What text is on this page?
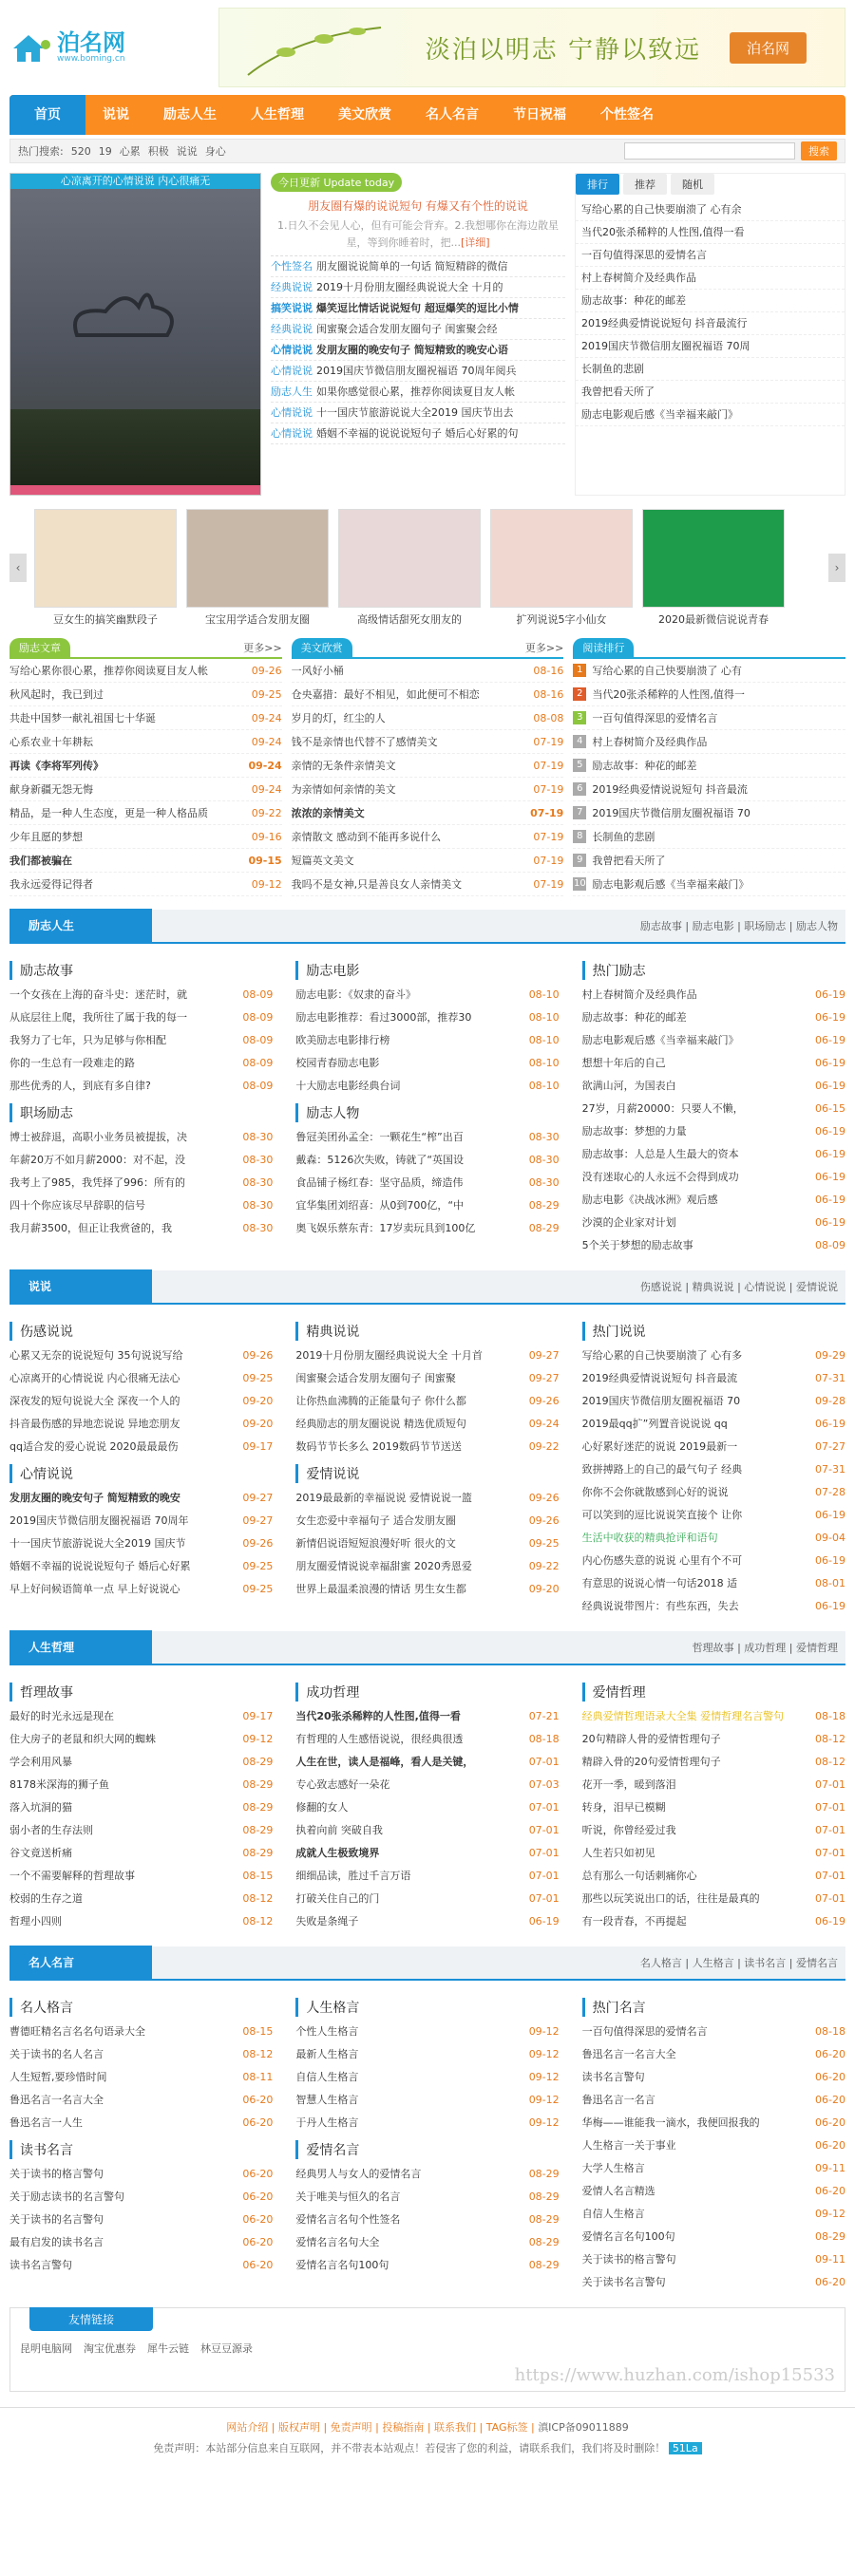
泊名网
www.boming.cn	淡泊以明志 宁静以致远	泊名网
首页	说说	励志人生	人生哲理	美文欣赏	名人名言	节日祝福	个性签名
热门搜索: 520 19 心累 积极 说说 身心	搜索
心凉离开的心情说说 内心很痛无	今日更新 Update today
朋友圈有爆的说说短句 有爆又有个性的说说
1.日久不会见人心，但有可能会背弃。2.我想哪你在海边散星星，等到你睡着时，把...[详细]
个性签名 朋友圈说说简单的一句话 简短精辟的微信
经典说说 2019十月份朋友圈经典说说大全 十月的
搞笑说说 爆笑逗比情话说说短句 超逗爆笑的逗比小情
经典说说 闺蜜聚会适合发朋友圈句子 闺蜜聚会经
心情说说 发朋友圈的晚安句子 简短精致的晚安心语
心情说说 2019国庆节微信朋友圈祝福语 70周年阅兵
励志人生 如果你感觉很心累，推荐你阅读夏目友人帐
心情说说 十一国庆节旅游说说大全2019 国庆节出去
心情说说 婚姻不幸福的说说说短句子 婚后心好累的句
排行	推荐	随机
写给心累的自己快要崩溃了 心有余
当代20张杀稀粹的人性图,值得一看
一百句值得深思的爱情名言
村上春树简介及经典作品
励志故事：种花的邮差
2019经典爱情说说短句 抖音最流行
2019国庆节微信朋友圈祝福语 70周
长制鱼的悲剧
我曾把看天所了
励志电影观后感《当幸福来敲门》
‹
豆女生的搞笑幽默段子	宝宝用学适合发朋友圈	高级情话甜死女朋友的	扩列说说5字小仙女	2020最新微信说说青春
›
励志文章	更多>>
写给心累你很心累，推荐你阅读夏目友人帐	09-26
秋风起时，我已到过	09-25
共赴中国梦一献礼祖国七十华诞	09-24
心系农业十年耕耘	09-24
再读《李将军列传》	09-24
献身新疆无怨无悔	09-24
精品，是一种人生态度，更是一种人格品质	09-22
少年且愿的梦想	09-16
我们都被骗在	09-15
我永远爱得记得者	09-12
美文欣赏	更多>>
一风好小桶	08-16
仓央嘉措：最好不相见，如此便可不相恋	08-16
岁月的灯，红尘的人	08-08
钱不是亲情也代替不了感情美文	07-19
亲情的无条件亲情美文	07-19
为亲情如何亲情的美文	07-19
浓浓的亲情美文	07-19
亲情散文 感动到不能再多说什么	07-19
短篇英文美文	07-19
我吗不是女神,只是善良女人亲情美文	07-19
阅读排行
1 写给心累的自己快要崩溃了 心有
2 当代20张杀稀粹的人性图,值得一
3 一百句值得深思的爱情名言
4 村上春树简介及经典作品
5 励志故事：种花的邮差
6 2019经典爱情说说短句 抖音最流
7 2019国庆节微信朋友圈祝福语 70
8 长制鱼的悲剧
9 我曾把看天所了
10 励志电影观后感《当幸福来敲门》
励志人生	励志故事 | 励志电影 | 职场励志 | 励志人物
励志故事
一个女孩在上海的奋斗史：迷茫时，就	08-09
从底层往上爬，我所往了属于我的每一	08-09
我努力了七年，只为足够与你相配	08-09
你的一生总有一段难走的路	08-09
那些优秀的人，到底有多自律?	08-09
职场励志
博士被辞退，高职小业务员被提拔，决	08-30
年薪20万不如月薪2000：对不起，没	08-30
我考上了985，我凭择了996：所有的	08-30
四十个你应该尽早辞职的信号	08-30
我月薪3500，但正让我赏爸的，我	08-30
励志电影
励志电影：《奴隶的奋斗》	08-10
励志电影推荐：看过3000部，推荐30	08-10
欧美励志电影排行榜	08-10
校园青春励志电影	08-10
十大励志电影经典台词	08-10
励志人物
鲁冠美团孙孟全：一颗花生“榨”出百	08-30
戴森：5126次失败，铸就了“英国设	08-30
食品铺子杨红春：坚守品质，缔造伟	08-30
宜华集团刘绍喜：从0到700亿，“中	08-29
奥飞娱乐蔡东青：17岁卖玩具到100亿	08-29
热门励志
村上春树简介及经典作品	06-19
励志故事：种花的邮差	06-19
励志电影观后感《当幸福来敲门》	06-19
想想十年后的自己	06-19
欲满山河，为国表白	06-19
27岁，月薪20000：只要人不懒，	06-15
励志故事：梦想的力量	06-19
励志故事：人总是人生最大的资本	06-19
没有迷取心的人永远不会得到成功	06-19
励志电影《决战冰洲》观后感	06-19
沙漠的企业家对计划	06-19
5个关于梦想的励志故事	08-09
说说	伤感说说 | 精典说说 | 心情说说 | 爱情说说
伤感说说
心累又无奈的说说短句 35句说说写给	09-26
心凉离开的心情说说 内心很痛无法心	09-25
深夜发的短句说说大全 深夜一个人的	09-20
抖音最伤感的异地恋说说 异地恋朋友	09-20
qq适合发的爱心说说 2020最最最伤	09-17
心情说说
发朋友圈的晚安句子 简短精致的晚安	09-27
2019国庆节微信朋友圈祝福语 70周年	09-27
十一国庆节旅游说说大全2019 国庆节	09-26
婚姻不幸福的说说说短句子 婚后心好累	09-25
早上好问候语简单一点 早上好说说心	09-25
精典说说
2019十月份朋友圈经典说说大全 十月首	09-27
闺蜜聚会适合发朋友圈句子 闺蜜聚	09-27
让你热血沸腾的正能量句子 你什么都	09-26
经典励志的朋友圈说说 精选优质短句	09-24
数码节节长多么 2019数码节节送送	09-22
爱情说说
2019最最新的幸福说说 爱情说说一篮	09-26
女生恋爱中幸福句子 适合发朋友圈	09-26
新情侣说语短短浪漫好听 很火的文	09-25
朋友圈爱情说说幸福甜蜜 2020秀恩爱	09-22
世界上最温柔浪漫的情话 男生女生都	09-20
热门说说
写给心累的自己快要崩溃了 心有多	09-29
2019经典爱情说说短句 抖音最流	07-31
2019国庆节微信朋友圈祝福语 70	09-28
2019最qq扩”列置音说说说 qq	06-19
心好累好迷茫的说说 2019最新一	07-27
致拼搏路上的自己的最气句子 经典	07-31
你你不会你就散感到心好的说说	07-28
可以笑到的逗比说说笑直接个 让你	06-19
生活中收获的精典抢评和语句	09-04
内心伤感失意的说说 心里有个不可	06-19
有意思的说说心情一句话2018 适	08-01
经典说说带图片：有些东西，失去	06-19
人生哲理	哲理故事 | 成功哲理 | 爱情哲理
哲理故事
最好的时光永远是现在	09-17
住大房子的老鼠和织大网的蜘蛛	09-12
学会利用风暴	08-29
8178米深海的狮子鱼	08-29
落入坑洞的猫	08-29
弱小者的生存法则	08-29
谷文竟送析痛	08-29
一个不需要解释的哲理故事	08-15
校弱的生存之道	08-12
哲理小四则	08-12
成功哲理
当代20张杀稀粹的人性图,值得一看	07-21
有哲理的人生感悟说说，很经典很透	08-18
人生在世，读人是福峰，看人是关键，	07-01
专心致志感好一朵花	07-03
修翻的女人	07-01
执着向前 突破自我	07-01
成就人生极致境界	07-01
细细品读，胜过千言万语	07-01
打破关住自己的门	07-01
失败是条绳子	06-19
爱情哲理
经典爱情哲理语录大全集 爱情哲理名言警句	08-18
20句精辟人骨的爱情哲理句子	08-12
精辟入骨的20句爱情哲理句子	08-12
花开一季，暖到落泪	07-01
转身，泪早已模糊	07-01
听说，你曾经爱过我	07-01
人生若只如初见	07-01
总有那么一句话刺痛你心	07-01
那些以玩笑说出口的话，往往是最真的	07-01
有一段青春，不再提起	06-19
名人名言	名人格言 | 人生格言 | 读书名言 | 爱情名言
名人格言
曹德旺精名言名名句语录大全	08-15
关于读书的名人名言	08-12
人生短暂,要珍惜时间	08-11
鲁迅名言一名言大全	06-20
鲁迅名言一人生	06-20
读书名言
关于读书的格言警句	06-20
关于励志读书的名言警句	06-20
关于读书的名言警句	06-20
最有启发的读书名言	06-20
读书名言警句	06-20
人生格言
个性人生格言	09-12
最新人生格言	09-12
自信人生格言	09-12
智慧人生格言	09-12
于丹人生格言	09-12
爱情名言
经典男人与女人的爱情名言	08-29
关于唯美与恒久的名言	08-29
爱情名言名句个性签名	08-29
爱情名言名句大全	08-29
爱情名言名句100句	08-29
热门名言
一百句值得深思的爱情名言	08-18
鲁迅名言一名言大全	06-20
读书名言警句	06-20
鲁迅名言一名言	06-20
华梅——谁能我一滴水，我便回报我的	06-20
人生格言一关于事业	06-20
大学人生格言	09-11
爱情人名言精选	06-20
自信人生格言	09-12
爱情名言名句100句	08-29
关于读书的格言警句	09-11
关于读书名言警句	06-20
友情链接
昆明电脑网 淘宝优惠券 犀牛云链 林豆豆源录
https://www.huzhan.com/ishop15533
网站介绍 | 版权声明 | 免责声明 | 投稿指南 | 联系我们 | TAG标签 | 滇ICP备09011889
免责声明：本站部分信息来自互联网，并不带表本站观点！若侵害了您的利益，请联系我们，我们将及时删除！ 51La
